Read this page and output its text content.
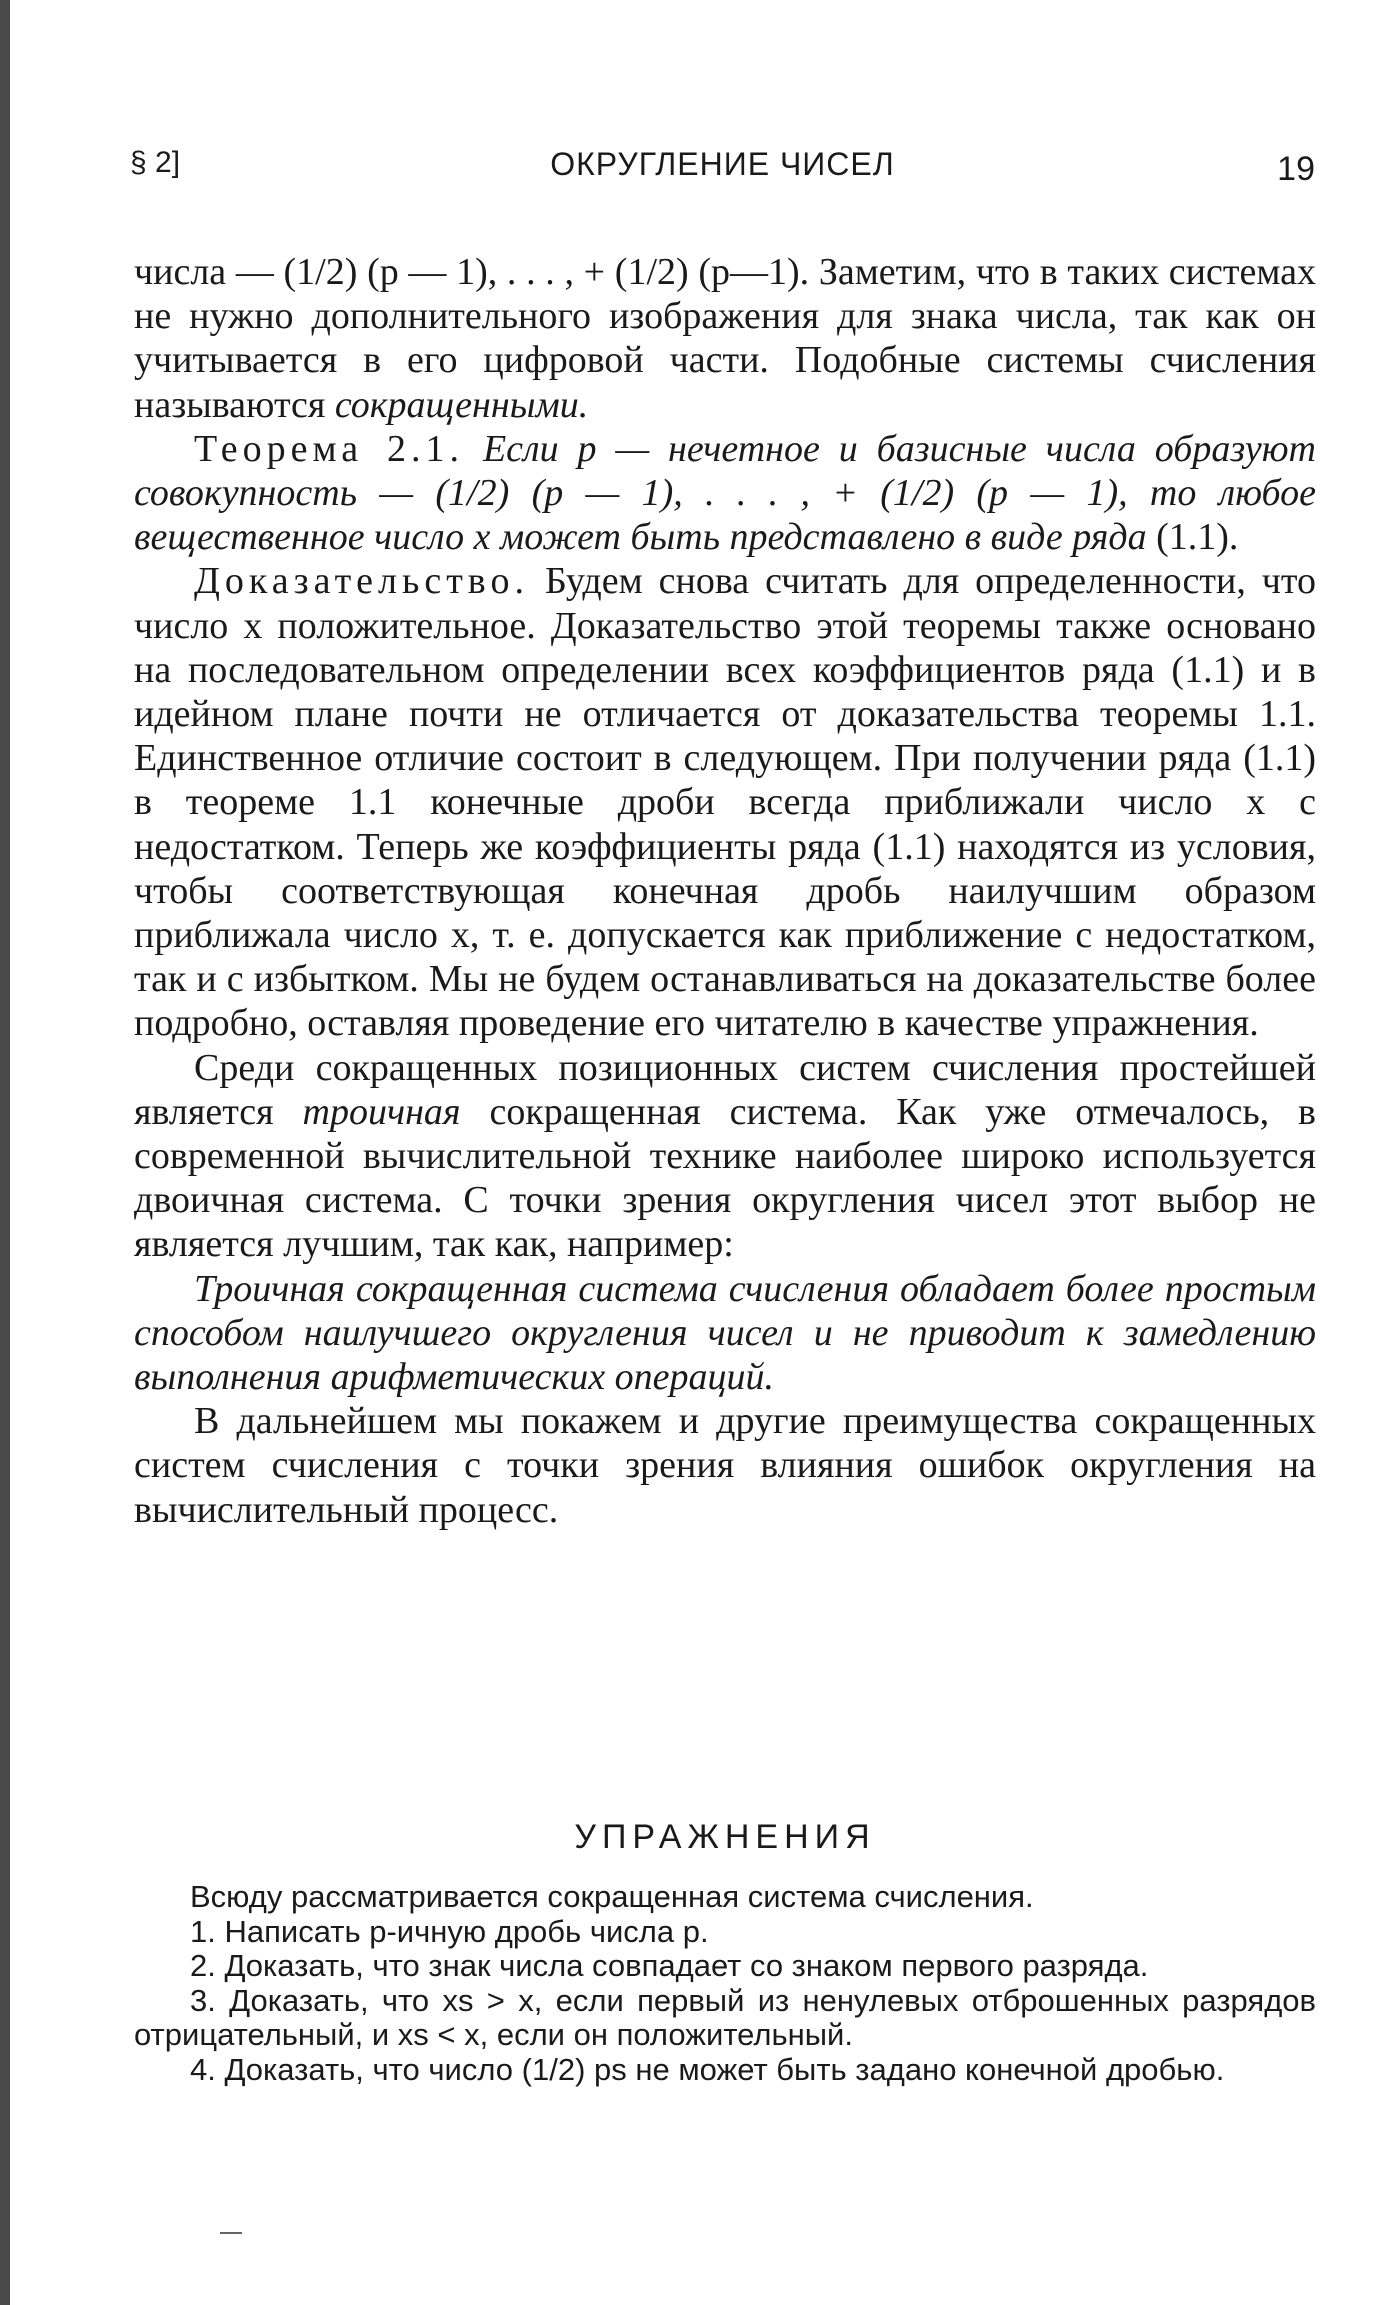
§ 2]	ОКРУГЛЕНИЕ ЧИСЕЛ	19

числа — (1/2) (p — 1), . . . , + (1/2) (p—1). Заметим, что в таких системах не нужно дополнительного изображения для знака числа, так как он учитывается в его цифровой части. Подобные системы счисления называются сокращенными.

Теорема 2.1. Если p — нечетное и базисные числа образуют совокупность — (1/2) (p — 1), . . . , + (1/2) (p — 1), то любое вещественное число x может быть представлено в виде ряда (1.1).

Доказательство. Будем снова считать для определенности, что число x положительное. Доказательство этой теоремы также основано на последовательном определении всех коэффициентов ряда (1.1) и в идейном плане почти не отличается от доказательства теоремы 1.1. Единственное отличие состоит в следующем. При получении ряда (1.1) в теореме 1.1 конечные дроби всегда приближали число x с недостатком. Теперь же коэффициенты ряда (1.1) находятся из условия, чтобы соответствующая конечная дробь наилучшим образом приближала число x, т. е. допускается как приближение с недостатком, так и с избытком. Мы не будем останавливаться на доказательстве более подробно, оставляя проведение его читателю в качестве упражнения.

Среди сокращенных позиционных систем счисления простейшей является троичная сокращенная система. Как уже отмечалось, в современной вычислительной технике наиболее широко используется двоичная система. С точки зрения округления чисел этот выбор не является лучшим, так как, например:

Троичная сокращенная система счисления обладает более простым способом наилучшего округления чисел и не приводит к замедлению выполнения арифметических операций.

В дальнейшем мы покажем и другие преимущества сокращенных систем счисления с точки зрения влияния ошибок округления на вычислительный процесс.

УПРАЖНЕНИЯ

Всюду рассматривается сокращенная система счисления.

1. Написать p-ичную дробь числа p.

2. Доказать, что знак числа совпадает со знаком первого разряда.

3. Доказать, что xs > x, если первый из ненулевых отброшенных разрядов отрицательный, и xs < x, если он положительный.

4. Доказать, что число (1/2) ps не может быть задано конечной дробью.
